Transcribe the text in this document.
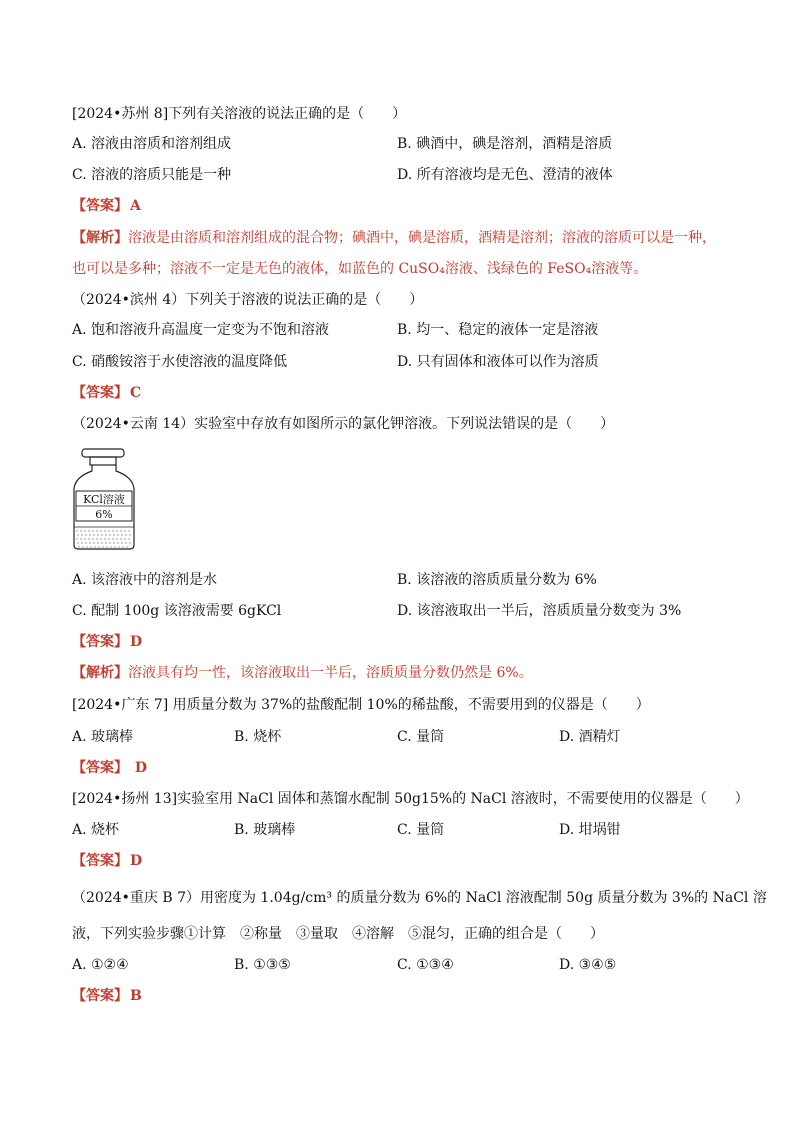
[2024•苏州 8]下列有关溶液的说法正确的是（　　）
A. 溶液由溶质和溶剂组成	B. 碘酒中，碘是溶剂，酒精是溶质
C. 溶液的溶质只能是一种	D. 所有溶液均是无色、澄清的液体
【答案】 A
【解析】溶液是由溶质和溶剂组成的混合物；碘酒中，碘是溶质，酒精是溶剂；溶液的溶质可以是一种，
也可以是多种；溶液不一定是无色的液体，如蓝色的 CuSO₄溶液、浅绿色的 FeSO₄溶液等。
（2024•滨州 4）下列关于溶液的说法正确的是（　　）
A. 饱和溶液升高温度一定变为不饱和溶液	B. 均一、稳定的液体一定是溶液
C. 硝酸铵溶于水使溶液的温度降低	D. 只有固体和液体可以作为溶质
【答案】 C
（2024•云南 14）实验室中存放有如图所示的氯化钾溶液。下列说法错误的是（　　）
KCl溶液
6%
A. 该溶液中的溶剂是水	B. 该溶液的溶质质量分数为 6%
C. 配制 100g 该溶液需要 6gKCl	D. 该溶液取出一半后，溶质质量分数变为 3%
【答案】 D
【解析】溶液具有均一性，该溶液取出一半后，溶质质量分数仍然是 6%。
[2024•广东 7] 用质量分数为 37%的盐酸配制 10%的稀盐酸，不需要用到的仪器是（　　）
A. 玻璃棒	B. 烧杯	C. 量筒	D. 酒精灯
【答案】 D
[2024•扬州 13]实验室用 NaCl 固体和蒸馏水配制 50g15%的 NaCl 溶液时，不需要使用的仪器是（　　）
A. 烧杯	B. 玻璃棒	C. 量筒	D. 坩埚钳
【答案】 D
（2024•重庆 B 7）用密度为 1.04g/cm³ 的质量分数为 6%的 NaCl 溶液配制 50g 质量分数为 3%的 NaCl 溶
液，下列实验步骤①计算　②称量　③量取　④溶解　⑤混匀，正确的组合是（　　）
A. ①②④	B. ①③⑤	C. ①③④	D. ③④⑤
【答案】 B
